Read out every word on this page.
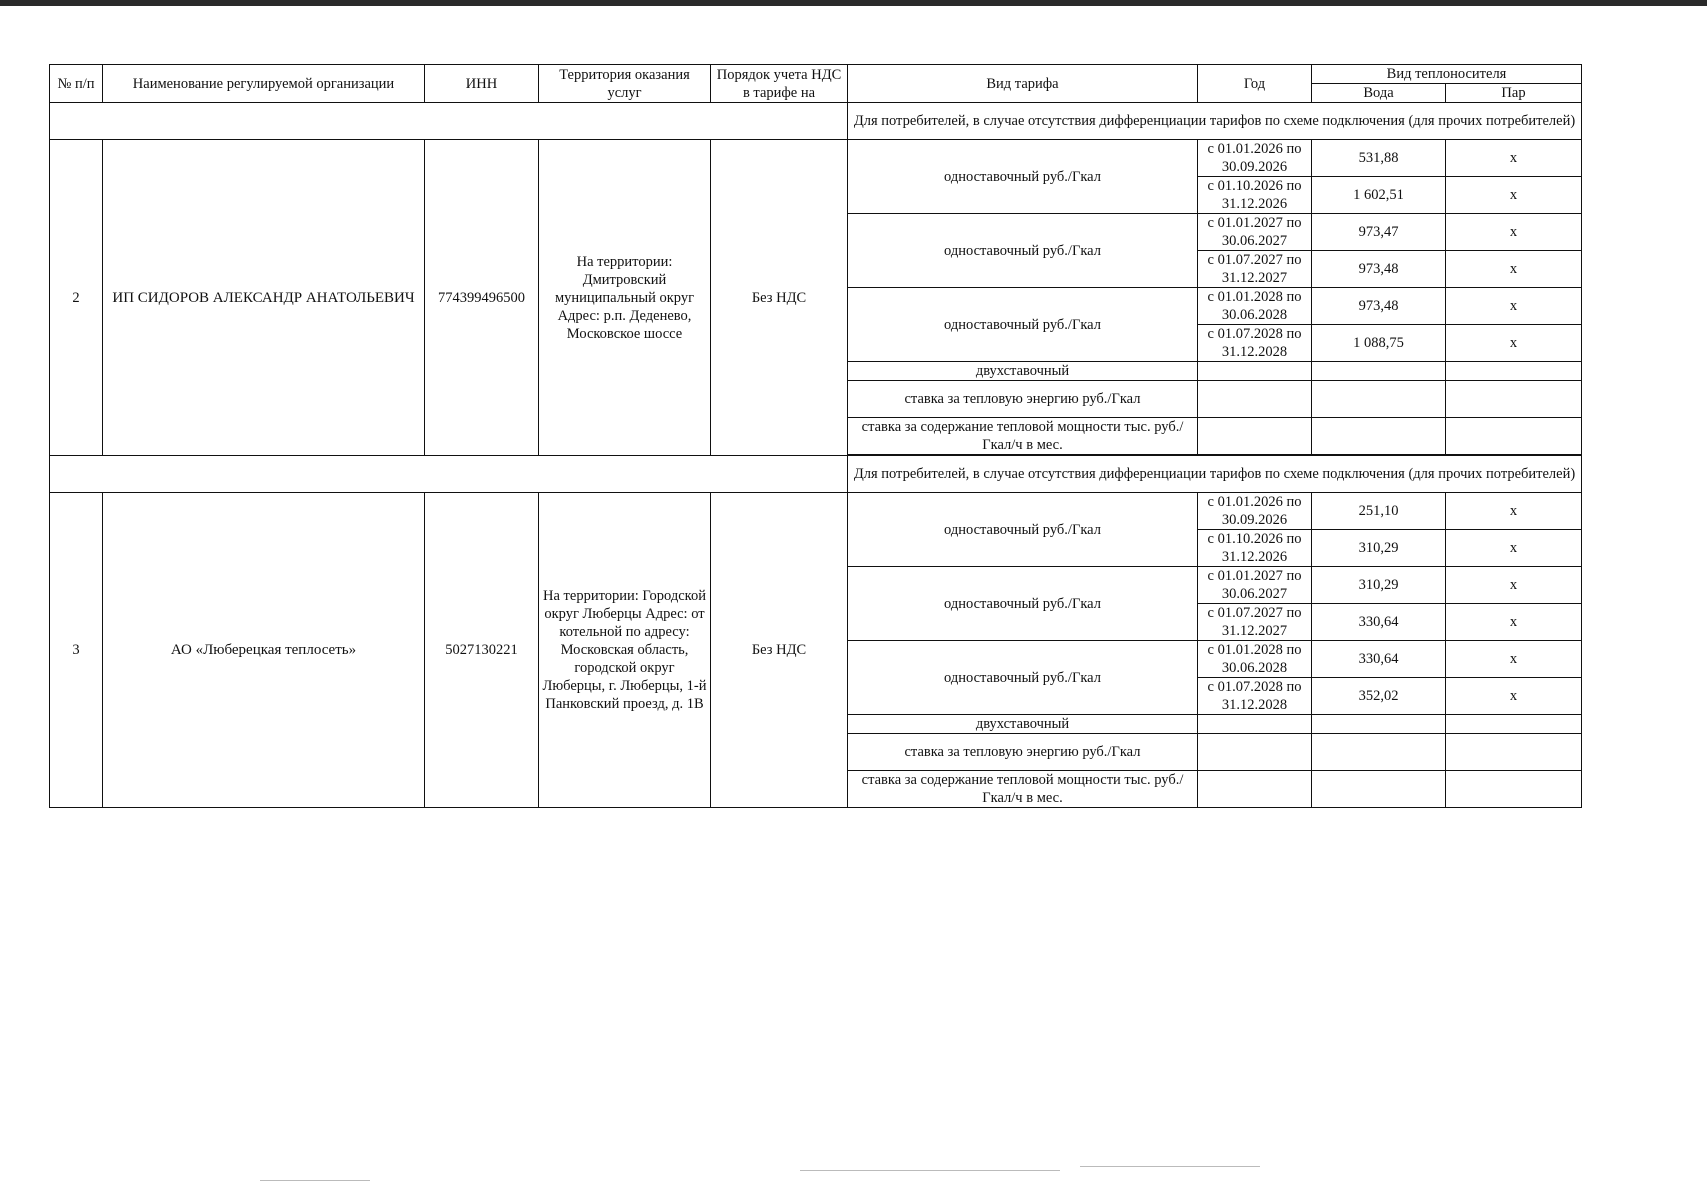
№ п/п	Наименование регулируемой организации	ИНН	Территория оказания услуг	Порядок учета НДС в тарифе на	Вид тарифа	Год	Вид теплоносителя	
							Вода	Пар
					Для потребителей, в случае отсутствия дифференциации тарифов по схеме подключения (для прочих потребителей)			
2	ИП СИДОРОВ АЛЕКСАНДР АНАТОЛЬЕВИЧ	774399496500	На территории: Дмитровский муниципальный округ Адрес: р.п. Деденево, Московское шоссе	Без НДС	одноставочный руб./Гкал	с 01.01.2026 по 30.09.2026	531,88	х
						с 01.10.2026 по 31.12.2026	1 602,51	х
					одноставочный руб./Гкал	с 01.01.2027 по 30.06.2027	973,47	х
						с 01.07.2027 по 31.12.2027	973,48	х
					одноставочный руб./Гкал	с 01.01.2028 по 30.06.2028	973,48	х
						с 01.07.2028 по 31.12.2028	1 088,75	х
					двухставочный			
					ставка за тепловую энергию руб./Гкал			
					ставка за содержание тепловой мощности тыс. руб./Гкал/ч в мес.			

					Для потребителей, в случае отсутствия дифференциации тарифов по схеме подключения (для прочих потребителей)			
3	АО «Люберецкая теплосеть»	5027130221	На территории: Городской округ Люберцы Адрес: от котельной по адресу: Московская область, городской округ Люберцы, г. Люберцы, 1-й Панковский проезд, д. 1В	Без НДС	одноставочный руб./Гкал	с 01.01.2026 по 30.09.2026	251,10	х
						с 01.10.2026 по 31.12.2026	310,29	х
					одноставочный руб./Гкал	с 01.01.2027 по 30.06.2027	310,29	х
						с 01.07.2027 по 31.12.2027	330,64	х
					одноставочный руб./Гкал	с 01.01.2028 по 30.06.2028	330,64	х
						с 01.07.2028 по 31.12.2028	352,02	х
					двухставочный			
					ставка за тепловую энергию руб./Гкал			
					ставка за содержание тепловой мощности тыс. руб./Гкал/ч в мес.			
